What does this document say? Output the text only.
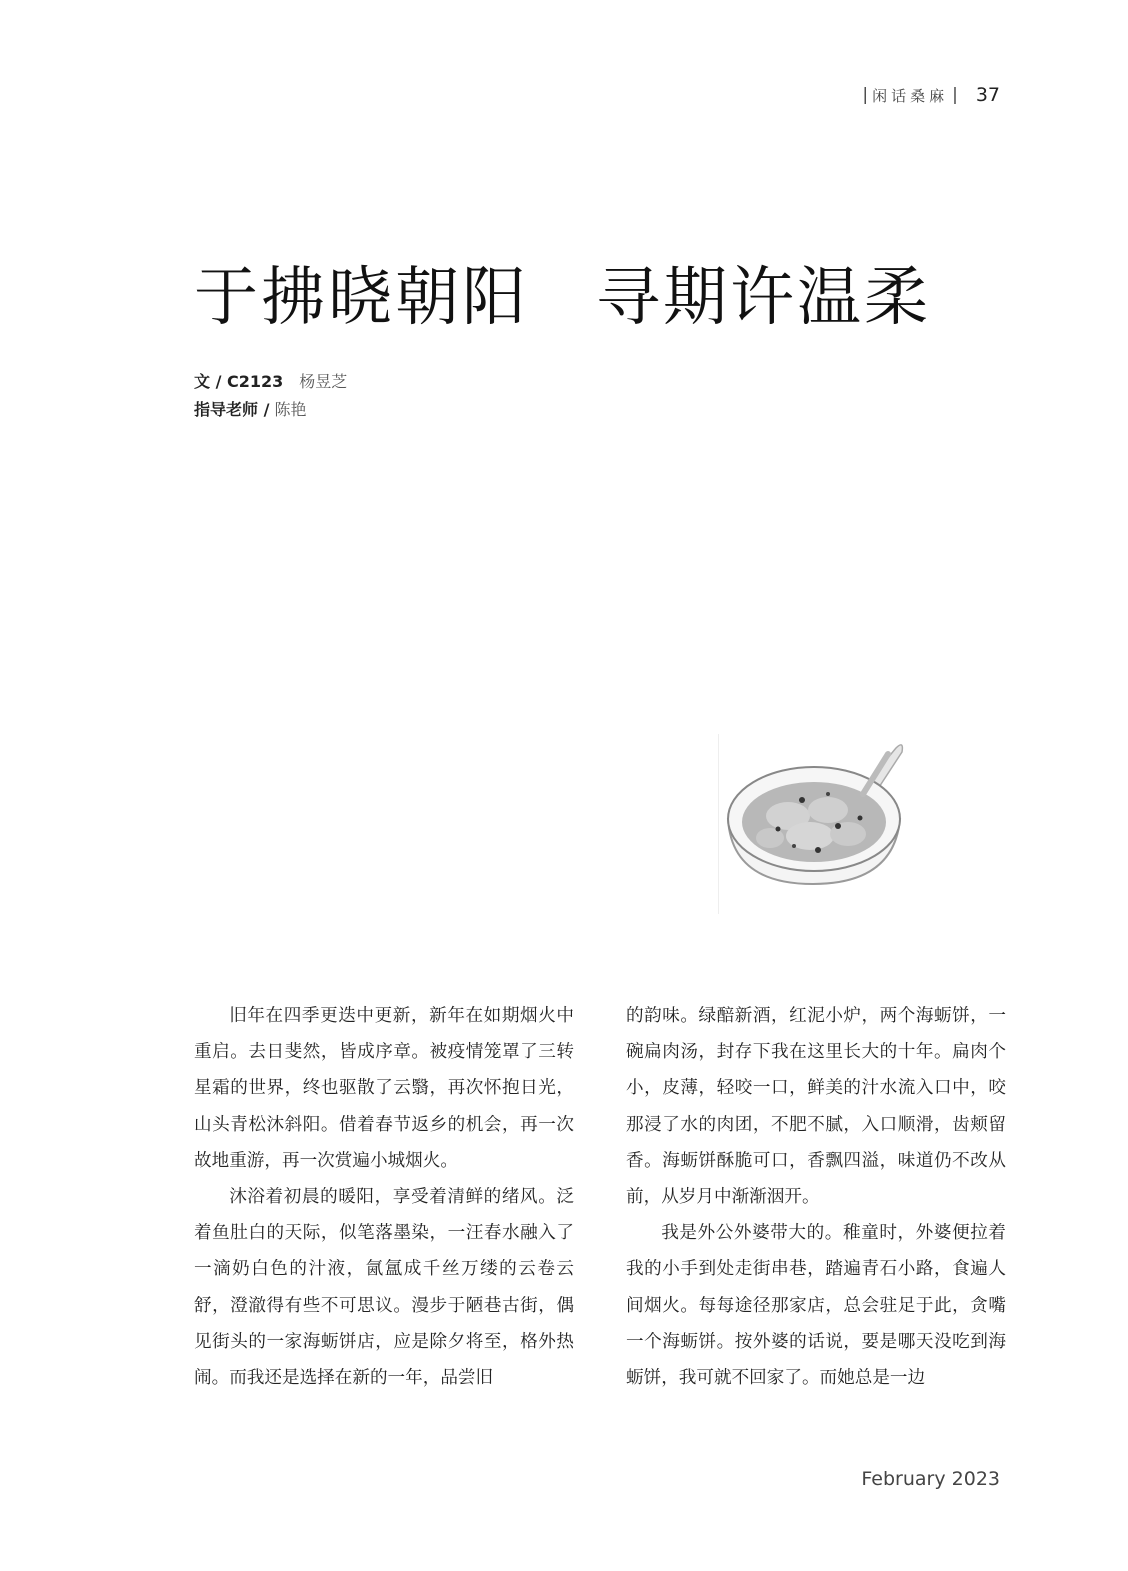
| 闲话桑麻 | 37
于拂晓朝阳　寻期许温柔
文 / C2123 杨昱芝
指导老师 / 陈艳

旧年在四季更迭中更新，新年在如期烟火中重启。去日斐然，皆成序章。被疫情笼罩了三转星霜的世界，终也驱散了云翳，再次怀抱日光，山头青松沐斜阳。借着春节返乡的机会，再一次故地重游，再一次赏遍小城烟火。

沐浴着初晨的暖阳，享受着清鲜的绪风。泛着鱼肚白的天际，似笔落墨染，一汪春水融入了一滴奶白色的汁液，氤氲成千丝万缕的云卷云舒，澄澈得有些不可思议。漫步于陋巷古街，偶见街头的一家海蛎饼店，应是除夕将至，格外热闹。而我还是选择在新的一年，品尝旧

的韵味。绿醅新酒，红泥小炉，两个海蛎饼，一碗扁肉汤，封存下我在这里长大的十年。扁肉个小，皮薄，轻咬一口，鲜美的汁水流入口中，咬那浸了水的肉团，不肥不腻，入口顺滑，齿颊留香。海蛎饼酥脆可口，香飘四溢，味道仍不改从前，从岁月中渐渐洇开。

我是外公外婆带大的。稚童时，外婆便拉着我的小手到处走街串巷，踏遍青石小路，食遍人间烟火。每每途径那家店，总会驻足于此，贪嘴一个海蛎饼。按外婆的话说，要是哪天没吃到海蛎饼，我可就不回家了。而她总是一边

February 2023
